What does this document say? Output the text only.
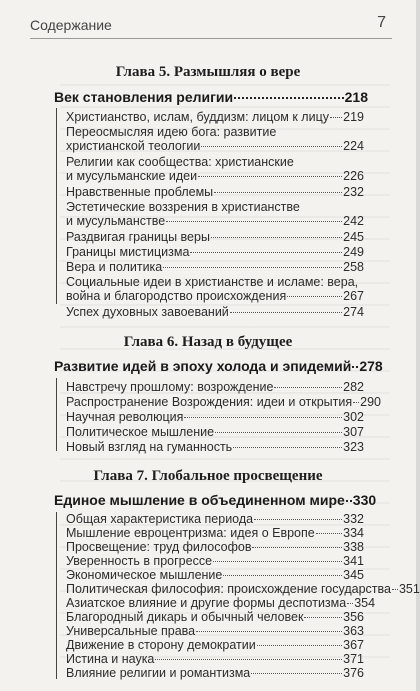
Содержание	7
Глава 5. Размышляя о вере
Век становления религии	218
Христианство, ислам, буддизм: лицом к лицу 219
Переосмысляя идею бога: развитие
христианской теологии	224
Религии как сообщества: христианские
и мусульманские идеи	226
Нравственные проблемы	232
Эстетические воззрения в христианстве
и мусульманстве	242
Раздвигая границы веры	245
Границы мистицизма	249
Вера и политика	258
Социальные идеи в христианстве и исламе: вера,
война и благородство происхождения	267
Успех духовных завоеваний	274
Глава 6. Назад в будущее
Развитие идей в эпоху холода и эпидемий 278
Навстречу прошлому: возрождение	282
Распространение Возрождения: идеи и открытия 290
Научная революция	302
Политическое мышление	307
Новый взгляд на гуманность	323
Глава 7. Глобальное просвещение
Единое мышление в объединенном мире 330
Общая характеристика периода	332
Мышление евроцентризма: идея о Европе 334
Просвещение: труд философов	338
Уверенность в прогрессе	341
Экономическое мышление	345
Политическая философия: происхождение государства 351
Азиатское влияние и другие формы деспотизма 354
Благородный дикарь и обычный человек	356
Универсальные права	363
Движение в сторону демократии	367
Истина и наука	371
Влияние религии и романтизма	376
